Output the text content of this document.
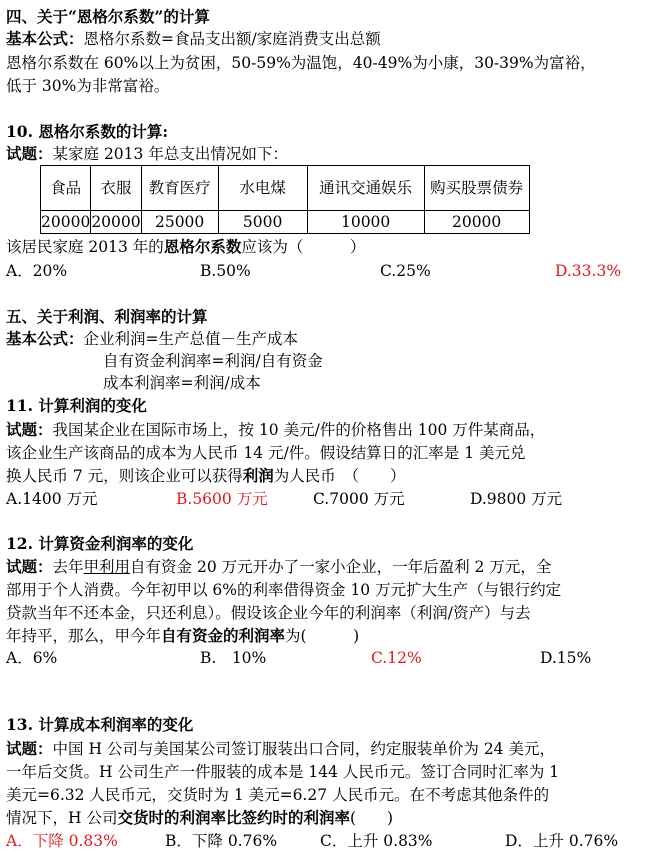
四、关于“恩格尔系数”的计算
基本公式：恩格尔系数=食品支出额/家庭消费支出总额
恩格尔系数在 60%以上为贫困，50-59%为温饱，40-49%为小康，30-39%为富裕，
低于 30%为非常富裕。
10. 恩格尔系数的计算:
试题：某家庭 2013 年总支出情况如下：
食品	衣服	教育医疗	水电煤	通讯交通娱乐	购买股票债券
20000	20000	25000	5000	10000	20000
该居民家庭 2013 年的恩格尔系数应该为（　　　）
A．20%	B.50%	C.25%	D.33.3%
五、关于利润、利润率的计算
基本公式：企业利润=生产总值－生产成本
自有资金利润率=利润/自有资金
成本利润率=利润/成本
11. 计算利润的变化
试题：我国某企业在国际市场上，按 10 美元/件的价格售出 100 万件某商品，
该企业生产该商品的成本为人民币 14 元/件。假设结算日的汇率是 1 美元兑
换人民币 7 元，则该企业可以获得利润为人民币　（　　）
A.1400 万元	B.5600 万元	C.7000 万元	D.9800 万元
12. 计算资金利润率的变化
试题：去年甲利用自有资金 20 万元开办了一家小企业，一年后盈利 2 万元，全
部用于个人消费。今年初甲以 6%的利率借得资金 10 万元扩大生产（与银行约定
贷款当年不还本金，只还利息）。假设该企业今年的利润率（利润/资产）与去
年持平，那么，甲今年自有资金的利润率为(　　　)
A．6%	B.　10%	C.12%	D.15%
13. 计算成本利润率的变化
试题：中国 H 公司与美国某公司签订服装出口合同，约定服装单价为 24 美元，
一年后交货。H 公司生产一件服装的成本是 144 人民币元。签订合同时汇率为 1
美元=6.32 人民币元，交货时为 1 美元=6.27 人民币元。在不考虑其他条件的
情况下，H 公司交货时的利润率比签约时的利润率(　　)
A．下降 0.83%	B．下降 0.76%	C．上升 0.83%	D．上升 0.76%
